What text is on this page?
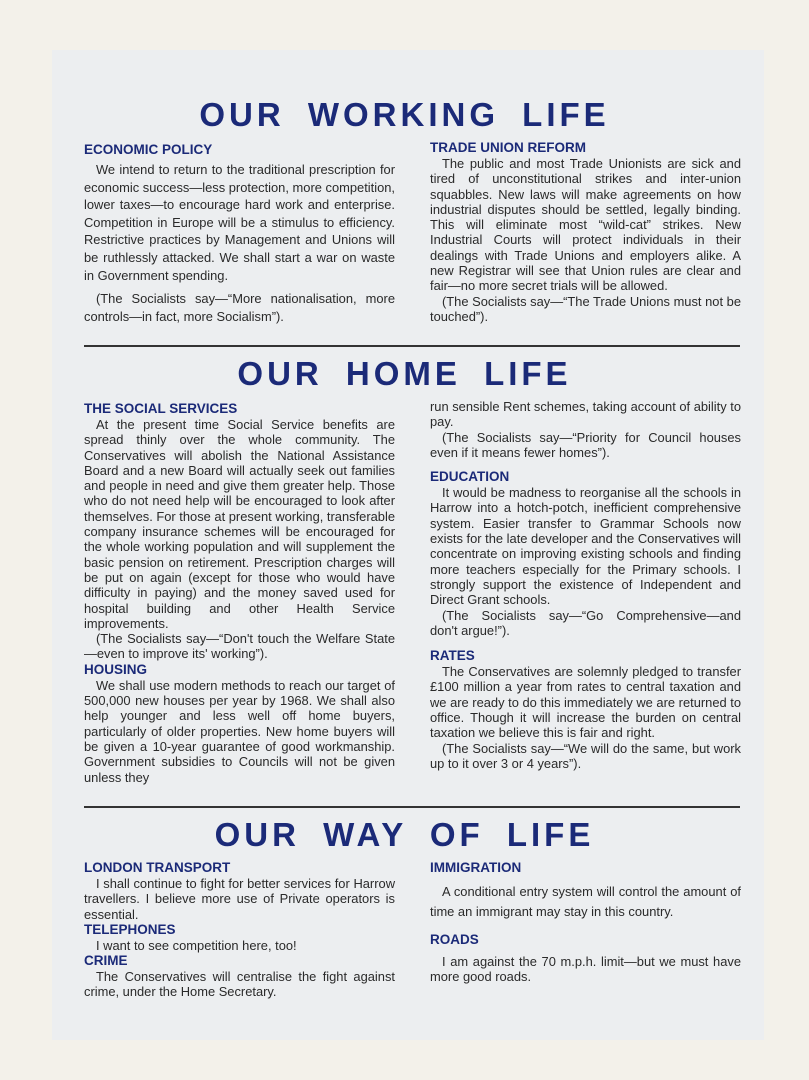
OUR WORKING LIFE
ECONOMIC POLICY

We intend to return to the traditional prescription for economic success—less protection, more competition, lower taxes—to encourage hard work and enterprise. Competition in Europe will be a stimulus to efficiency. Restrictive practices by Management and Unions will be ruthlessly attacked. We shall start a war on waste in Government spending.

(The Socialists say—“More nationalisation, more controls—in fact, more Socialism”).

TRADE UNION REFORM

The public and most Trade Unionists are sick and tired of unconstitutional strikes and inter-union squabbles. New laws will make agreements on how industrial disputes should be settled, legally binding. This will eliminate most “wild-cat” strikes. New Industrial Courts will protect individuals in their dealings with Trade Unions and employers alike. A new Registrar will see that Union rules are clear and fair—no more secret trials will be allowed.

(The Socialists say—“The Trade Unions must not be touched”).

OUR HOME LIFE
THE SOCIAL SERVICES

At the present time Social Service benefits are spread thinly over the whole community. The Conservatives will abolish the National Assistance Board and a new Board will actually seek out families and people in need and give them greater help. Those who do not need help will be encouraged to look after themselves. For those at present working, transferable company insurance schemes will be encouraged for the whole working population and will supplement the basic pension on retirement. Prescription charges will be put on again (except for those who would have difficulty in paying) and the money saved used for hospital building and other Health Service improvements.

(The Socialists say—“Don't touch the Welfare State—even to improve its' working”).

HOUSING

We shall use modern methods to reach our target of 500,000 new houses per year by 1968. We shall also help younger and less well off home buyers, particularly of older properties. New home buyers will be given a 10-year guarantee of good workmanship. Government subsidies to Councils will not be given unless they

run sensible Rent schemes, taking account of ability to pay.

(The Socialists say—“Priority for Council houses even if it means fewer homes”).

EDUCATION

It would be madness to reorganise all the schools in Harrow into a hotch-potch, inefficient comprehensive system. Easier transfer to Grammar Schools now exists for the late developer and the Conservatives will concentrate on improving existing schools and finding more teachers especially for the Primary schools. I strongly support the existence of Independent and Direct Grant schools.

(The Socialists say—“Go Comprehensive—and don't argue!”).

RATES

The Conservatives are solemnly pledged to transfer £100 million a year from rates to central taxation and we are ready to do this immediately we are returned to office. Though it will increase the burden on central taxation we believe this is fair and right.

(The Socialists say—“We will do the same, but work up to it over 3 or 4 years”).

OUR WAY OF LIFE
LONDON TRANSPORT

I shall continue to fight for better services for Harrow travellers. I believe more use of Private operators is essential.

TELEPHONES

I want to see competition here, too!

CRIME

The Conservatives will centralise the fight against crime, under the Home Secretary.

IMMIGRATION

A conditional entry system will control the amount of time an immigrant may stay in this country.

ROADS

I am against the 70 m.p.h. limit—but we must have more good roads.
